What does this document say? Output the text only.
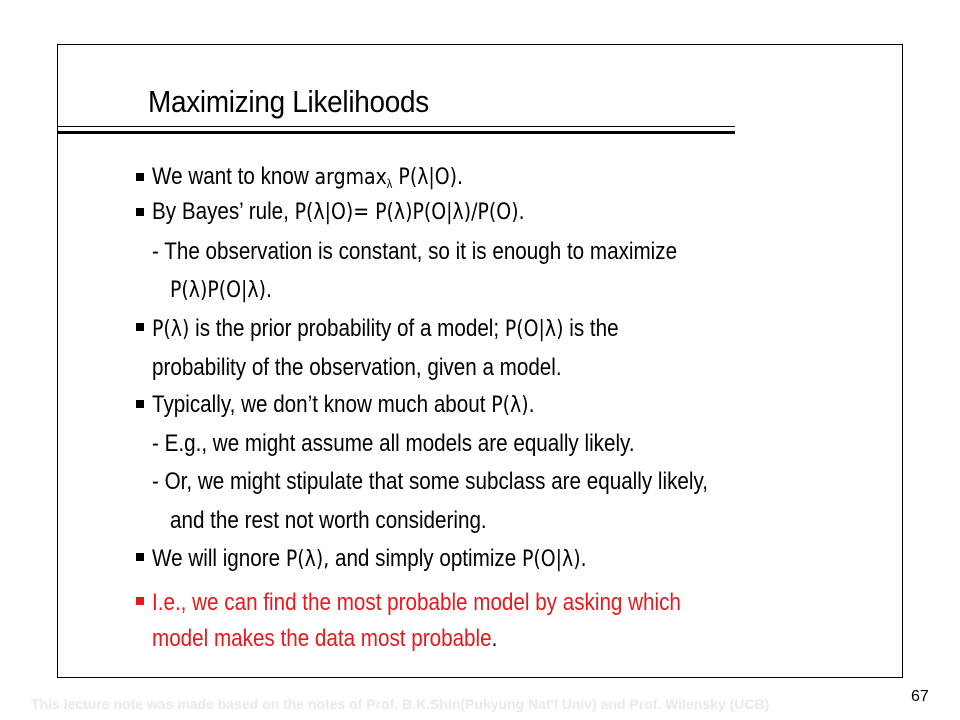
Maximizing Likelihoods
We want to know argmax$_\lambda$ P(λ|O).
By Bayes’ rule, P(λ|O)= P(λ)P(O|λ)/P(O).
- The observation is constant, so it is enough to maximize
P(λ)P(O|λ).
P(λ) is the prior probability of a model; P(O|λ) is the
probability of the observation, given a model.
Typically, we don’t know much about P(λ).
- E.g., we might assume all models are equally likely.
- Or, we might stipulate that some subclass are equally likely,
and the rest not worth considering.
We will ignore P(λ), and simply optimize P(O|λ).
I.e., we can find the most probable model by asking which
model makes the data most probable.
This lecture note was made based on the notes of Prof. B.K.Shin(Pukyung Nat'l Univ) and Prof. Wilensky (UCB)	67
